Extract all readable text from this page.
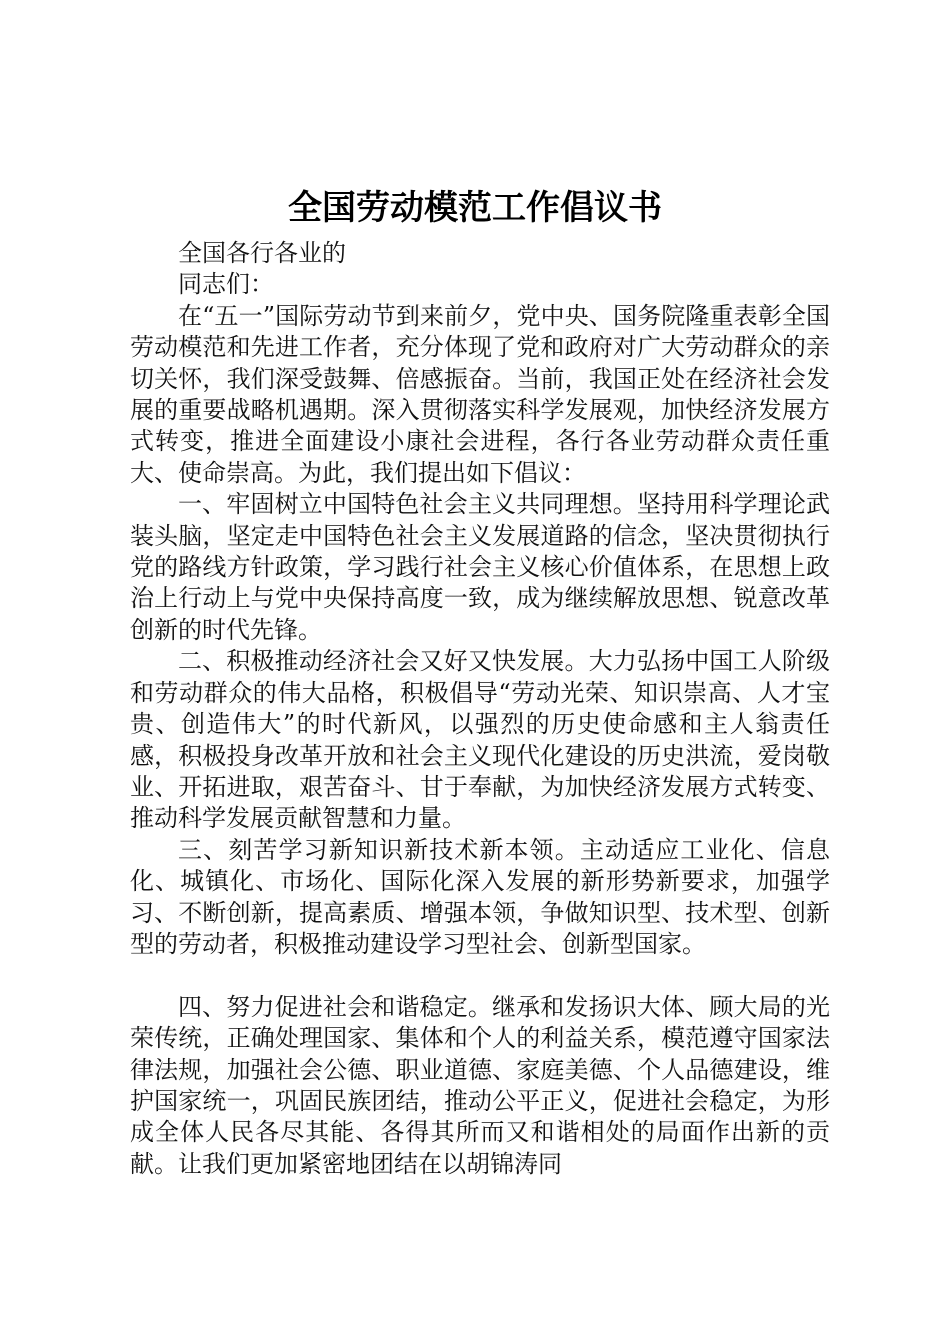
全国劳动模范工作倡议书

全国各行各业的

同志们：

在“五一”国际劳动节到来前夕，党中央、国务院隆重表彰全国劳动模范和先进工作者，充分体现了党和政府对广大劳动群众的亲切关怀，我们深受鼓舞、倍感振奋。当前，我国正处在经济社会发展的重要战略机遇期。深入贯彻落实科学发展观，加快经济发展方式转变，推进全面建设小康社会进程，各行各业劳动群众责任重大、使命崇高。为此，我们提出如下倡议：

一、牢固树立中国特色社会主义共同理想。坚持用科学理论武装头脑，坚定走中国特色社会主义发展道路的信念，坚决贯彻执行党的路线方针政策，学习践行社会主义核心价值体系，在思想上政治上行动上与党中央保持高度一致，成为继续解放思想、锐意改革创新的时代先锋。

二、积极推动经济社会又好又快发展。大力弘扬中国工人阶级和劳动群众的伟大品格，积极倡导“劳动光荣、知识崇高、人才宝贵、创造伟大”的时代新风，以强烈的历史使命感和主人翁责任感，积极投身改革开放和社会主义现代化建设的历史洪流，爱岗敬业、开拓进取，艰苦奋斗、甘于奉献，为加快经济发展方式转变、推动科学发展贡献智慧和力量。

三、刻苦学习新知识新技术新本领。主动适应工业化、信息化、城镇化、市场化、国际化深入发展的新形势新要求，加强学习、不断创新，提高素质、增强本领，争做知识型、技术型、创新型的劳动者，积极推动建设学习型社会、创新型国家。

四、努力促进社会和谐稳定。继承和发扬识大体、顾大局的光荣传统，正确处理国家、集体和个人的利益关系，模范遵守国家法律法规，加强社会公德、职业道德、家庭美德、个人品德建设，维护国家统一，巩固民族团结，推动公平正义，促进社会稳定，为形成全体人民各尽其能、各得其所而又和谐相处的局面作出新的贡献。让我们更加紧密地团结在以胡锦涛同
